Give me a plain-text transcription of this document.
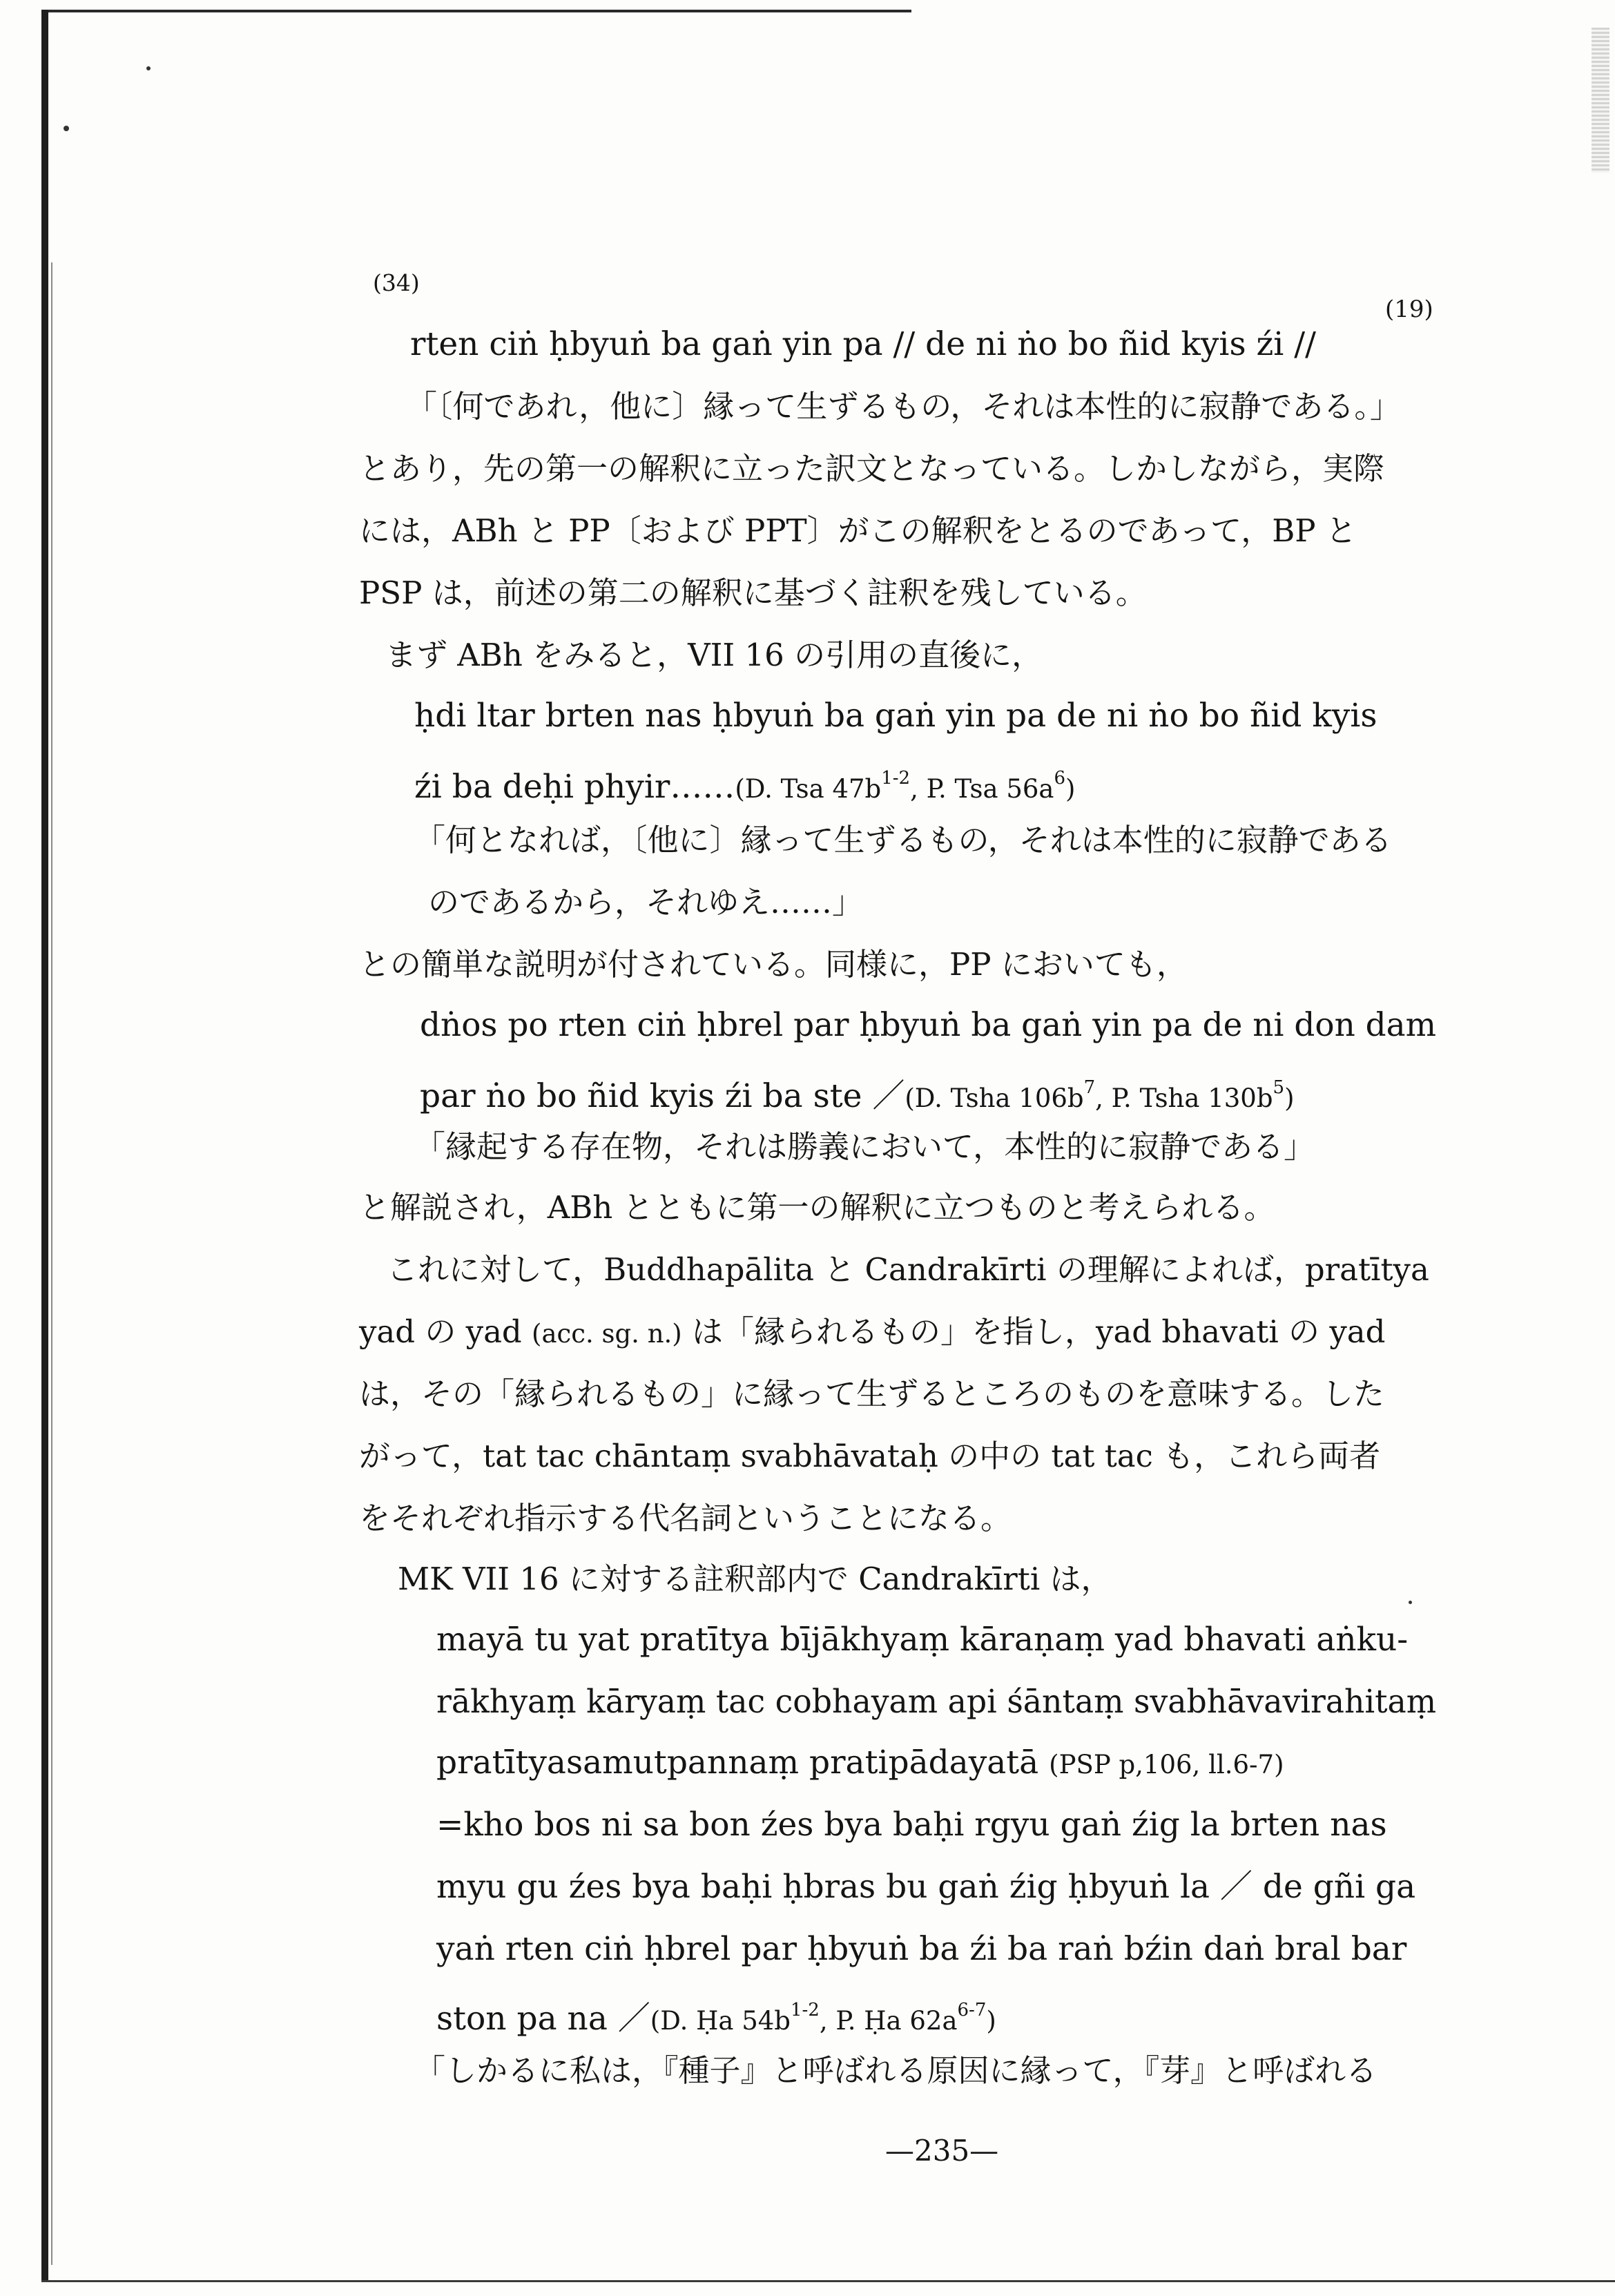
(34)
(19)
rten ciṅ ḥbyuṅ ba gaṅ yin pa // de ni ṅo bo ñid kyis źi //
「〔何であれ，他に〕縁って生ずるもの，それは本性的に寂静である。」
とあり，先の第一の解釈に立った訳文となっている。しかしながら，実際
には，ABh と PP〔および PPT〕がこの解釈をとるのであって，BP と
PSP は，前述の第二の解釈に基づく註釈を残している。
まず ABh をみると，VII 16 の引用の直後に，
ḥdi ltar brten nas ḥbyuṅ ba gaṅ yin pa de ni ṅo bo ñid kyis
źi ba deḥi phyir……(D. Tsa $47b^{1-2}$, P. Tsa $56a^6$)
「何となれば，〔他に〕縁って生ずるもの，それは本性的に寂静である
のであるから，それゆえ……」
との簡単な説明が付されている。同様に，PP においても，
dṅos po rten ciṅ ḥbrel par ḥbyuṅ ba gaṅ yin pa de ni don dam
par ṅo bo ñid kyis źi ba ste ／(D. Tsha $106b^7$, P. Tsha $130b^5$)
「縁起する存在物，それは勝義において，本性的に寂静である」
と解説され，ABh とともに第一の解釈に立つものと考えられる。
これに対して，Buddhapālita と Candrakīrti の理解によれば，pratītya
yad の yad (acc. sg. n.) は「縁られるもの」を指し，yad bhavati の yad
は，その「縁られるもの」に縁って生ずるところのものを意味する。した
がって，tat tac chāntaṃ svabhāvataḥ の中の tat tac も，これら両者
をそれぞれ指示する代名詞ということになる。
MK VII 16 に対する註釈部内で Candrakīrti は，
mayā tu yat pratītya bījākhyaṃ kāraṇaṃ yad bhavati aṅku-
rākhyaṃ kāryaṃ tac cobhayam api śāntaṃ svabhāvavirahitaṃ
pratītyasamutpannaṃ pratipādayatā (PSP p,106, ll.6-7)
=kho bos ni sa bon źes bya baḥi rgyu gaṅ źig la brten nas
myu gu źes bya baḥi ḥbras bu gaṅ źig ḥbyuṅ la ／ de gñi ga
yaṅ rten ciṅ ḥbrel par ḥbyuṅ ba źi ba raṅ bźin daṅ bral bar
ston pa na ／(D. Ḥa $54b^{1-2}$, P. Ḥa $62a^{6-7}$)
「しかるに私は，『種子』と呼ばれる原因に縁って，『芽』と呼ばれる
—235—
